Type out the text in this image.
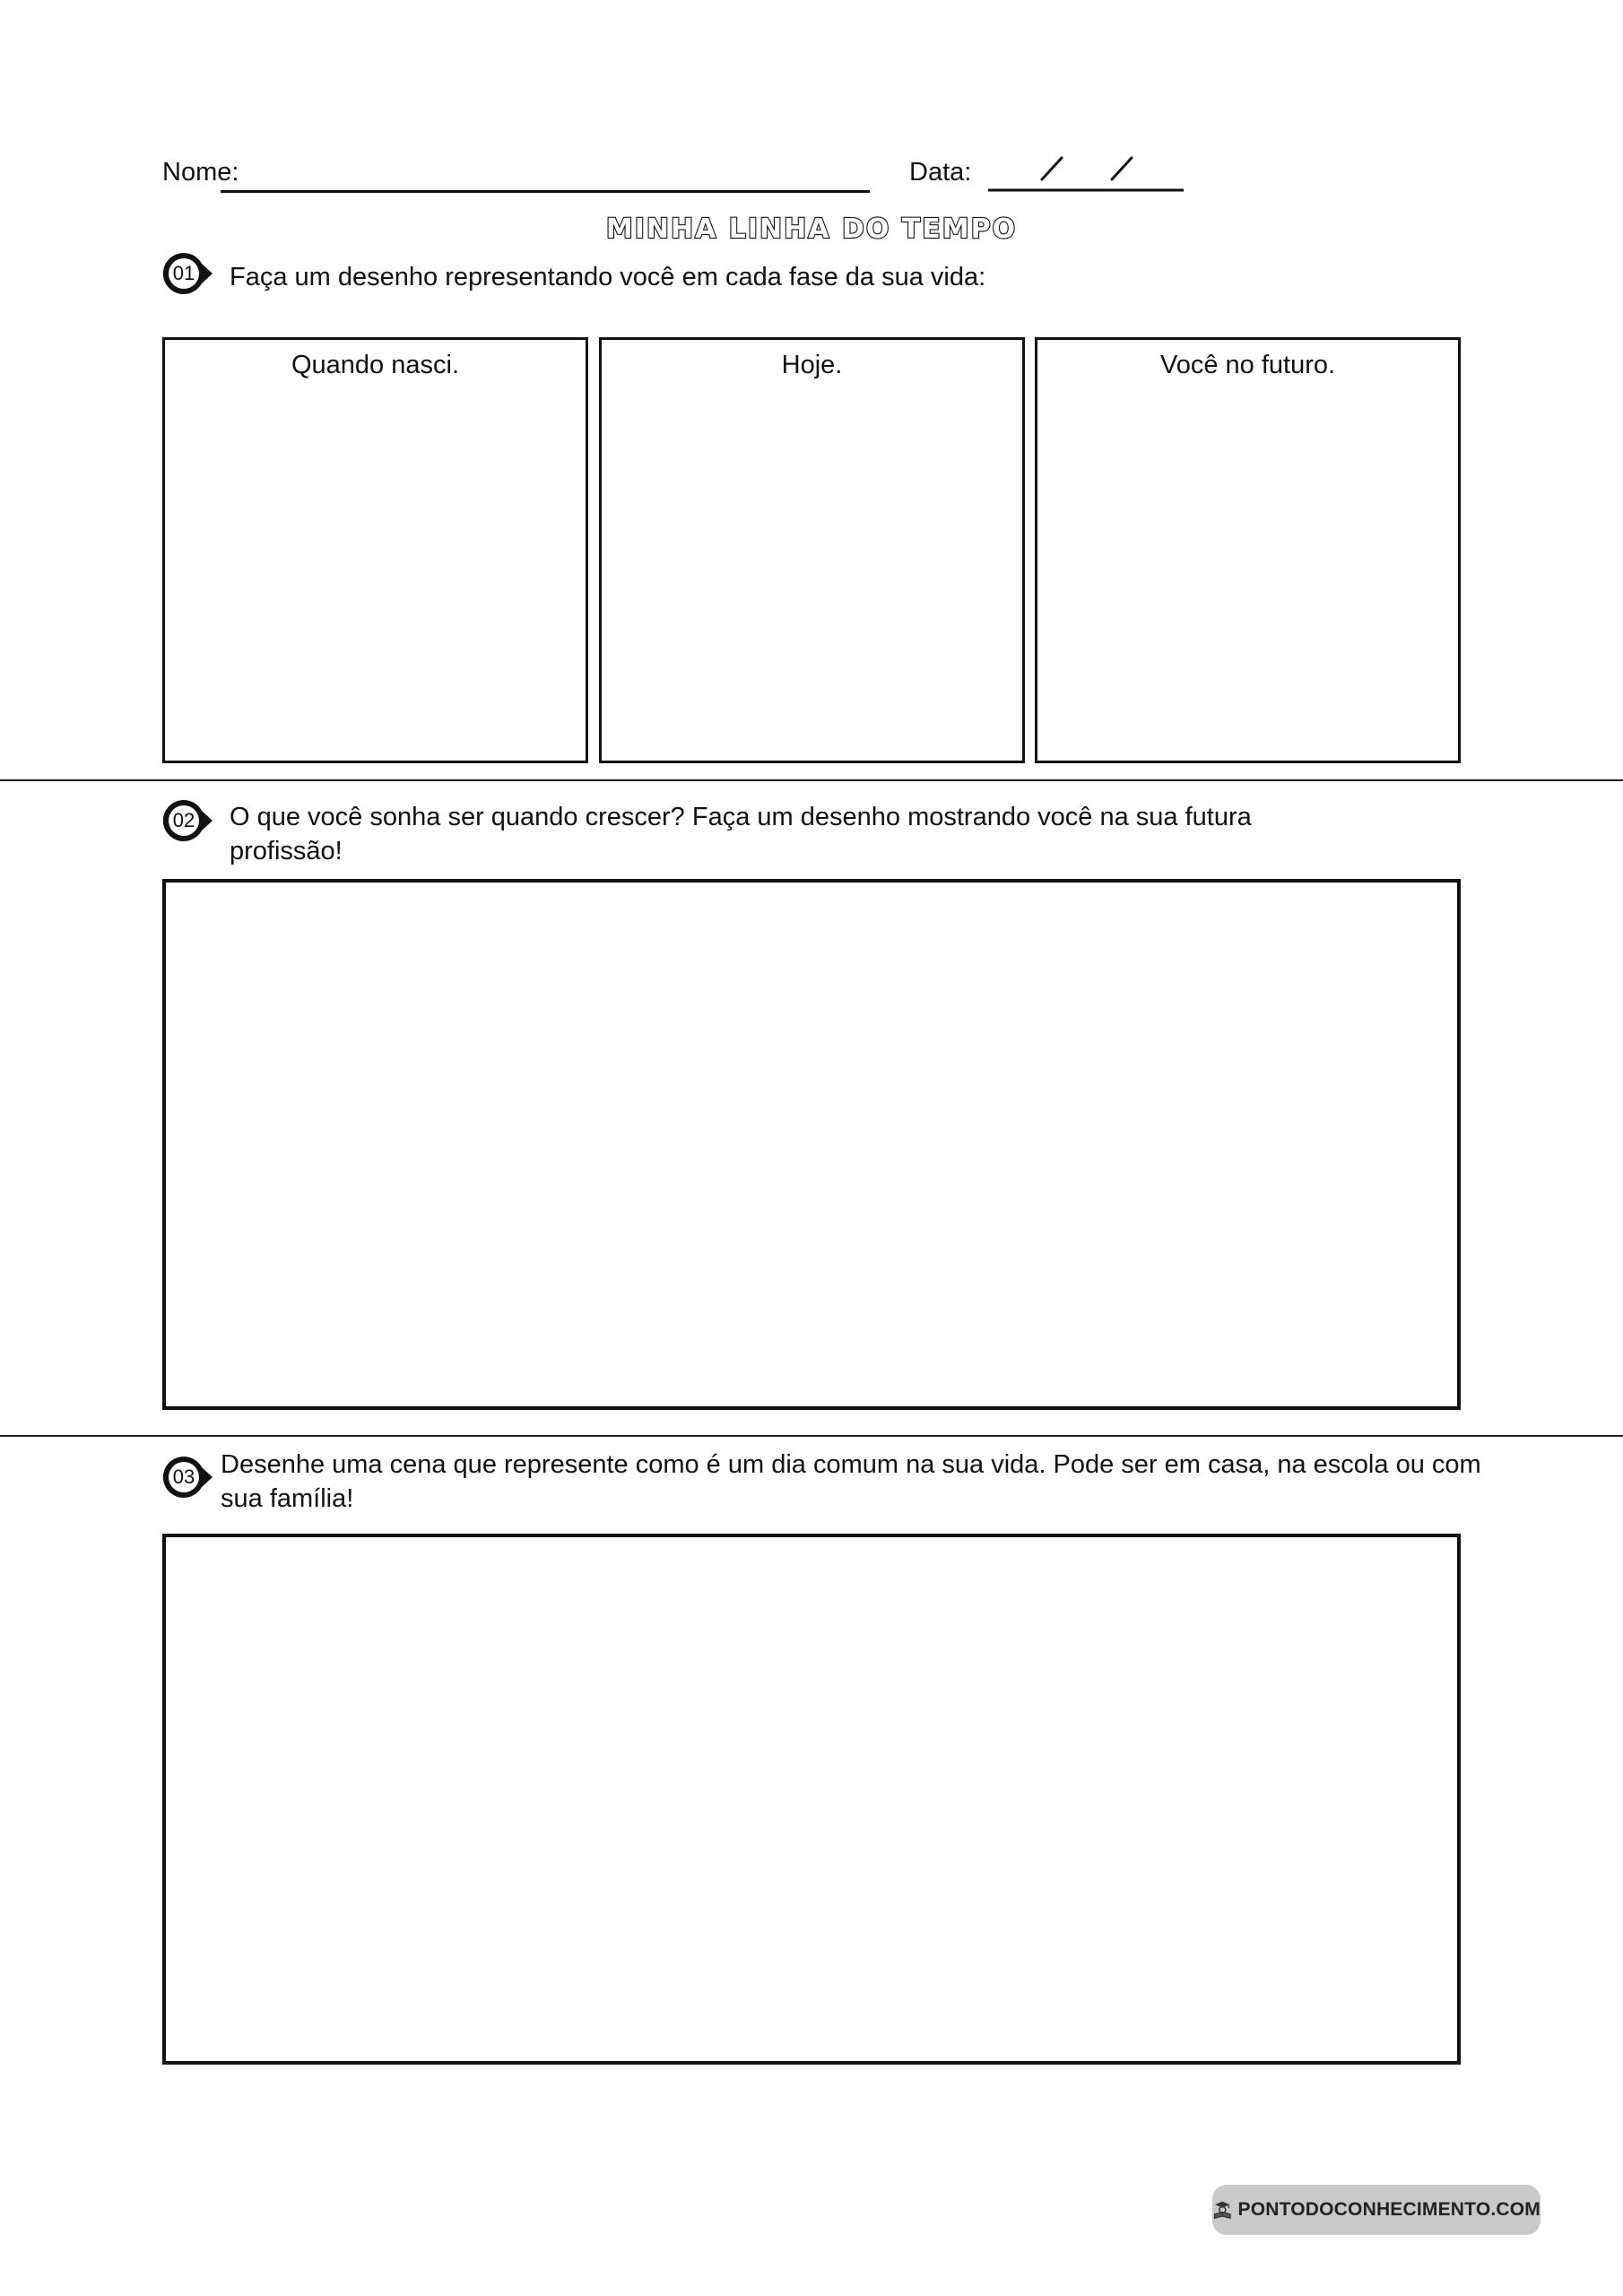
Nome:	Data:
MINHA LINHA DO TEMPO
01	Faça um desenho representando você em cada fase da sua vida:
Quando nasci.	Hoje.	Você no futuro.
02	O que você sonha ser quando crescer? Faça um desenho mostrando você na sua futura
profissão!
03 Desenhe uma cena que represente como é um dia comum na sua vida. Pode ser em casa, na escola ou com
sua família!
PONTODOCONHECIMENTO.COM
